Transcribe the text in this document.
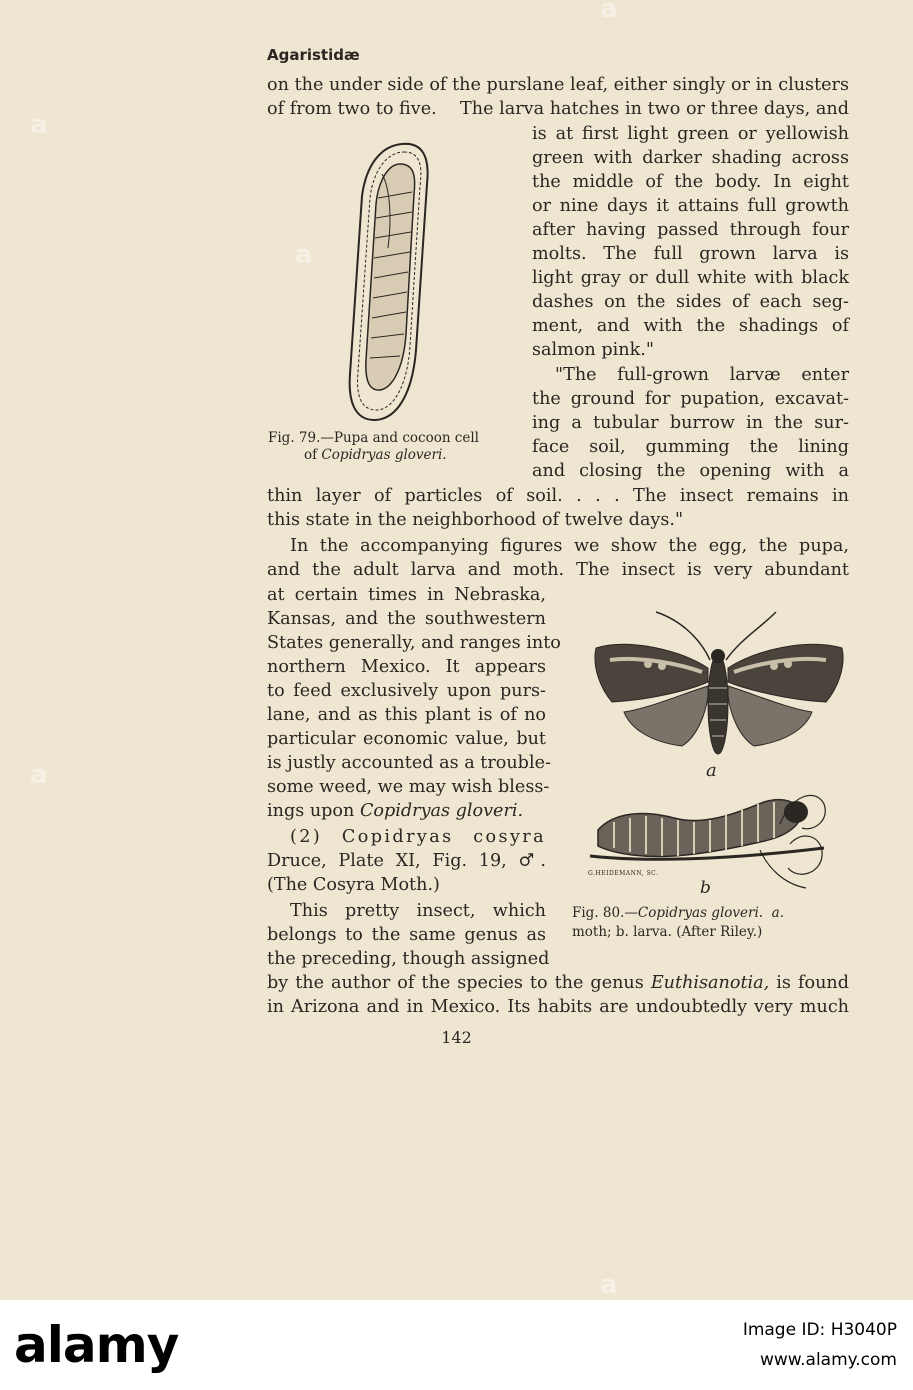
Agaristidæ
on the under side of the purslane leaf, either singly or in clusters
of from two to five. The larva hatches in two or three days, and
is at first light green or yellowish
green with darker shading across
the middle of the body. In eight
or nine days it attains full growth
after having passed through four
molts. The full grown larva is
light gray or dull white with black
dashes on the sides of each seg-
ment, and with the shadings of
salmon pink."
"The full-grown larvæ enter
the ground for pupation, excavat-
ing a tubular burrow in the sur-
face soil, gumming the lining
and closing the opening with a
thin layer of particles of soil. . . . The insect remains in
this state in the neighborhood of twelve days."
In the accompanying figures we show the egg, the pupa,
and the adult larva and moth. The insect is very abundant
at certain times in Nebraska,
Kansas, and the southwestern
States generally, and ranges into
northern Mexico. It appears
to feed exclusively upon purs-
lane, and as this plant is of no
particular economic value, but
is justly accounted as a trouble-
some weed, we may wish bless-
ings upon Copidryas gloveri.
(2) Copidryas cosyra
Druce, Plate XI, Fig. 19, ♂.
(The Cosyra Moth.)
This pretty insect, which
belongs to the same genus as
the preceding, though assigned
by the author of the species to the genus Euthisanotia, is found
in Arizona and in Mexico. Its habits are undoubtedly very much
Fig. 79.—Pupa and cocoon cell
of Copidryas gloveri.
a
G.HEIDEMANN, SC.
b
Fig. 80.—Copidryas gloveri. a.
moth; b. larva. (After Riley.)
142
a
a
a
a
a
alamy	Image ID: H3040P
www.alamy.com
